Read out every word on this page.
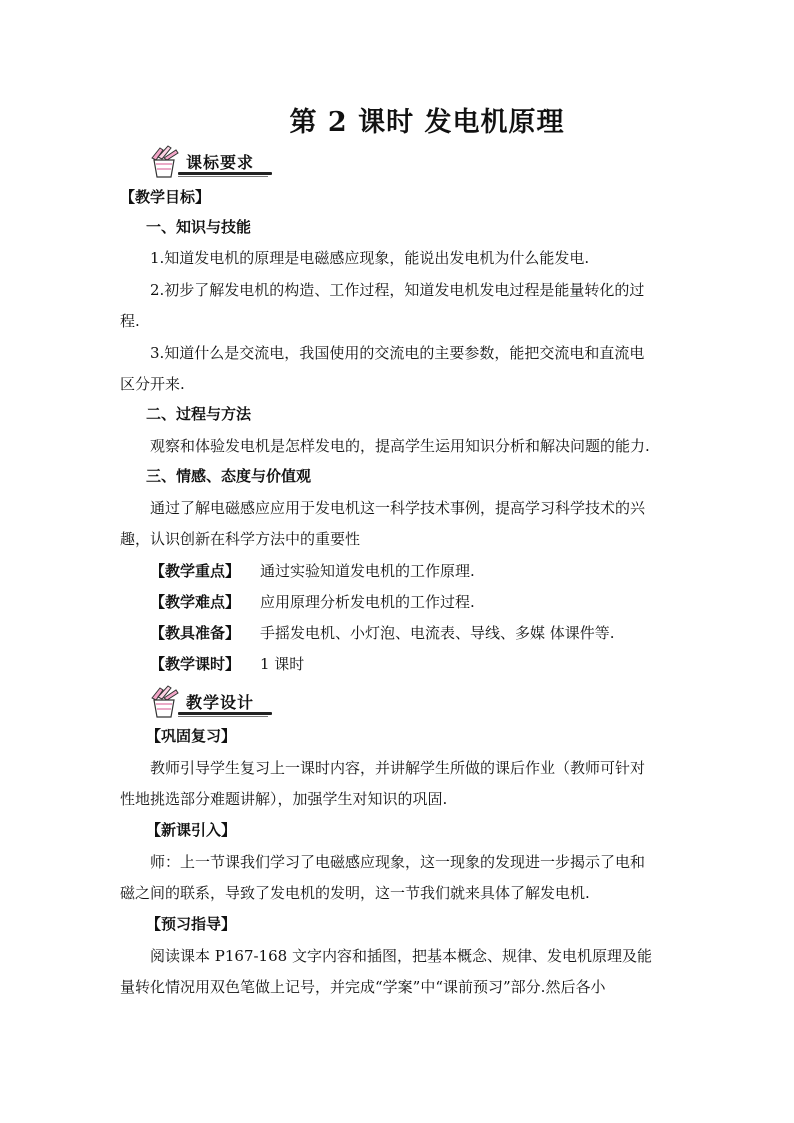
第 2 课时 发电机原理
课标要求
【教学目标】
一、知识与技能
1.知道发电机的原理是电磁感应现象，能说出发电机为什么能发电.
2.初步了解发电机的构造、工作过程，知道发电机发电过程是能量转化的过
程.
3.知道什么是交流电，我国使用的交流电的主要参数，能把交流电和直流电
区分开来.
二、过程与方法
观察和体验发电机是怎样发电的，提高学生运用知识分析和解决问题的能力.
三、情感、态度与价值观
通过了解电磁感应应用于发电机这一科学技术事例，提高学习科学技术的兴
趣，认识创新在科学方法中的重要性
【教学重点】 通过实验知道发电机的工作原理.
【教学难点】 应用原理分析发电机的工作过程.
【教具准备】 手摇发电机、小灯泡、电流表、导线、多媒 体课件等.
【教学课时】 1 课时
教学设计
【巩固复习】
教师引导学生复习上一课时内容，并讲解学生所做的课后作业（教师可针对
性地挑选部分难题讲解），加强学生对知识的巩固.
【新课引入】
师：上一节课我们学习了电磁感应现象，这一现象的发现进一步揭示了电和
磁之间的联系，导致了发电机的发明，这一节我们就来具体了解发电机.
【预习指导】
阅读课本 P167-168 文字内容和插图，把基本概念、规律、发电机原理及能
量转化情况用双色笔做上记号，并完成“学案”中“课前预习”部分.然后各小
